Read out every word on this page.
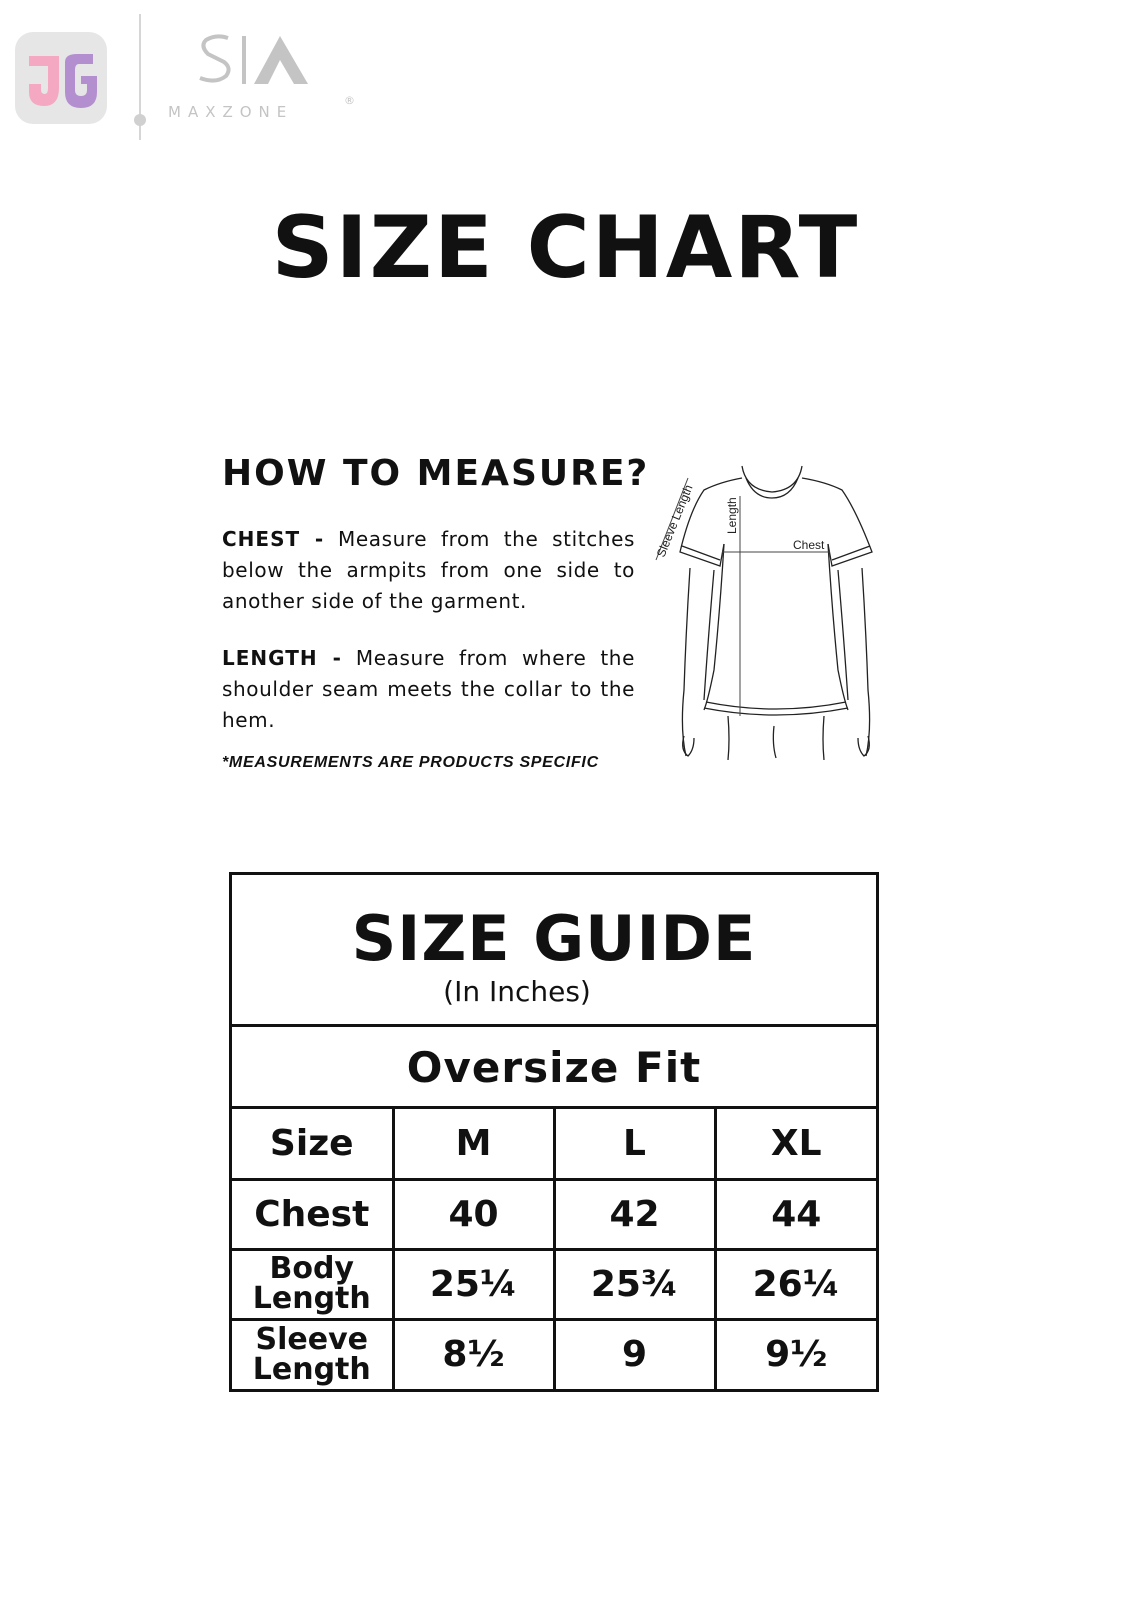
MAXZONE
®
SIZE CHART
HOW TO MEASURE?
CHEST - Measure from the stitches below the armpits from one side to another side of the garment.
LENGTH - Measure from where the shoulder seam meets the collar to the hem.
*MEASUREMENTS ARE PRODUCTS SPECIFIC
Sleeve Length Length
Chest
SIZE GUIDE
(In Inches)
Oversize Fit
Size	M	L	XL
Chest	40	42	44
Body
Length	25¼	25¾	26¼
Sleeve
Length	8½	9	9½
